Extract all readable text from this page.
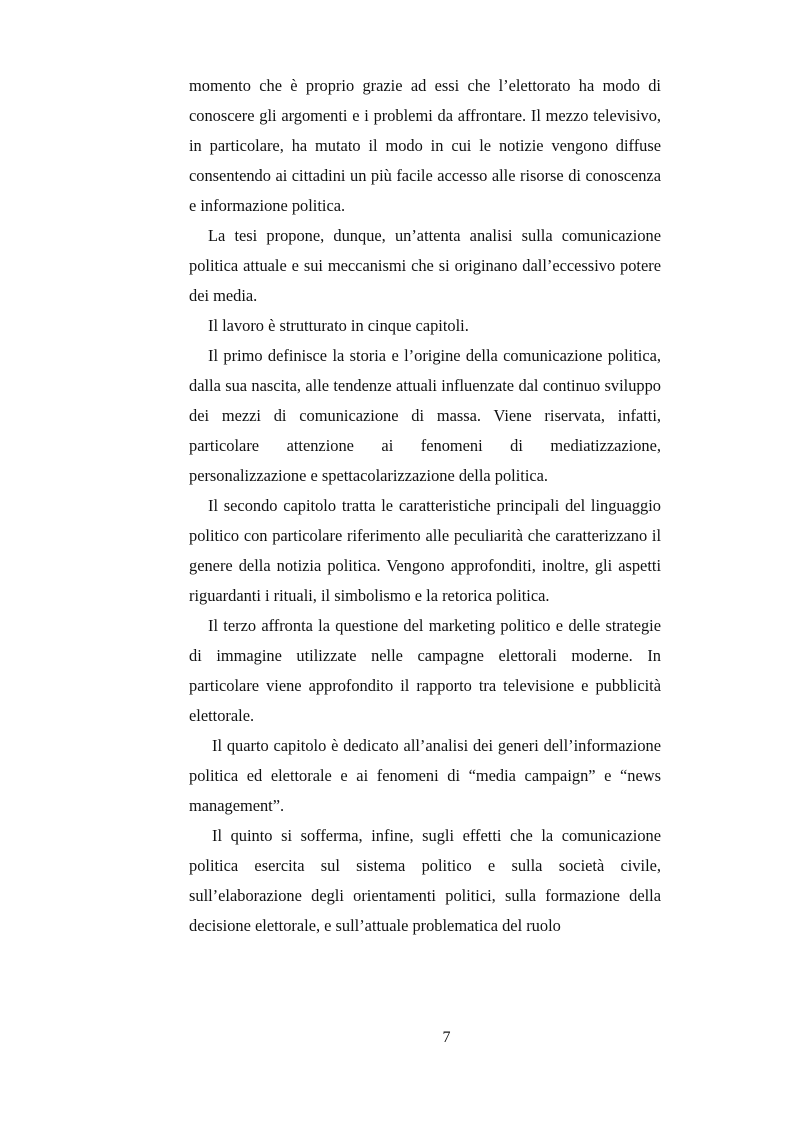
momento che è proprio grazie ad essi che l’elettorato ha modo di conoscere gli argomenti e i problemi da affrontare. Il mezzo televisivo, in particolare, ha mutato il modo in cui le notizie vengono diffuse consentendo ai cittadini un più facile accesso alle risorse di conoscenza e informazione politica.

La tesi propone, dunque, un’attenta analisi sulla comunicazione politica attuale e sui meccanismi che si originano dall’eccessivo potere dei media.

Il lavoro è strutturato in cinque capitoli.

Il primo definisce la storia e l’origine della comunicazione politica, dalla sua nascita, alle tendenze attuali influenzate dal continuo sviluppo dei mezzi di comunicazione di massa. Viene riservata, infatti, particolare attenzione ai fenomeni di mediatizzazione, personalizzazione e spettacolarizzazione della politica.

Il secondo capitolo tratta le caratteristiche principali del linguaggio politico con particolare riferimento alle peculiarità che caratterizzano il genere della notizia politica. Vengono approfonditi, inoltre, gli aspetti riguardanti i rituali, il simbolismo e la retorica politica.

Il terzo affronta la questione del marketing politico e delle strategie di immagine utilizzate nelle campagne elettorali moderne. In particolare viene approfondito il rapporto tra televisione e pubblicità elettorale.

Il quarto capitolo è dedicato all’analisi dei generi dell’informazione politica ed elettorale e ai fenomeni di “media campaign” e “news management”.

Il quinto si sofferma, infine, sugli effetti che la comunicazione politica esercita sul sistema politico e sulla società civile, sull’elaborazione degli orientamenti politici, sulla formazione della decisione elettorale, e sull’attuale problematica del ruolo

7
